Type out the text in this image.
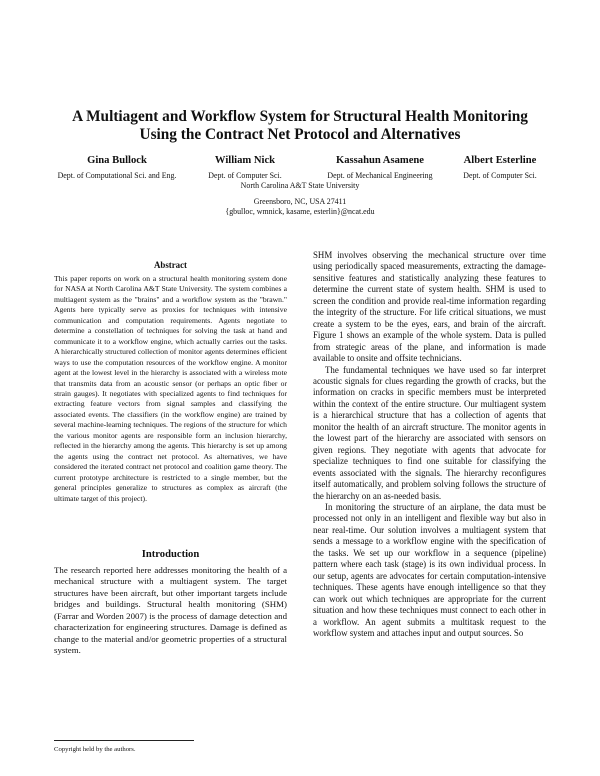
A Multiagent and Workflow System for Structural Health Monitoring
Using the Contract Net Protocol and Alternatives
Gina Bullock
Dept. of Computational Sci. and Eng.
William Nick
Dept. of Computer Sci.
Kassahun Asamene
Dept. of Mechanical Engineering
Albert Esterline
Dept. of Computer Sci.
North Carolina A&T State University
Greensboro, NC, USA 27411
{gbulloc, wmnick, kasame, esterlin}@ncat.edu
Abstract

This paper reports on work on a structural health monitoring system done for NASA at North Carolina A&T State University. The system combines a multiagent system as the "brains" and a workflow system as the "brawn." Agents here typically serve as proxies for techniques with intensive communication and computation requirements. Agents negotiate to determine a constellation of techniques for solving the task at hand and communicate it to a workflow engine, which actually carries out the tasks. A hierarchically structured collection of monitor agents determines efficient ways to use the computation resources of the workflow engine. A monitor agent at the lowest level in the hierarchy is associated with a wireless mote that transmits data from an acoustic sensor (or perhaps an optic fiber or strain gauges). It negotiates with specialized agents to find techniques for extracting feature vectors from signal samples and classifying the associated events. The classifiers (in the workflow engine) are trained by several machine-learning techniques. The regions of the structure for which the various monitor agents are responsible form an inclusion hierarchy, reflected in the hierarchy among the agents. This hierarchy is set up among the agents using the contract net protocol. As alternatives, we have considered the iterated contract net protocol and coalition game theory. The current prototype architecture is restricted to a single member, but the general principles generalize to structures as complex as aircraft (the ultimate target of this project).

Introduction

The research reported here addresses monitoring the health of a mechanical structure with a multiagent system. The target structures have been aircraft, but other important targets include bridges and buildings. Structural health monitoring (SHM) (Farrar and Worden 2007) is the process of damage detection and characterization for engineering structures. Damage is defined as change to the material and/or geometric properties of a structural system.

SHM involves observing the mechanical structure over time using periodically spaced measurements, extracting the damage-sensitive features and statistically analyzing these features to determine the current state of system health. SHM is used to screen the condition and provide real-time information regarding the integrity of the structure. For life critical situations, we must create a system to be the eyes, ears, and brain of the aircraft. Figure 1 shows an example of the whole system. Data is pulled from strategic areas of the plane, and information is made available to onsite and offsite technicians.

The fundamental techniques we have used so far interpret acoustic signals for clues regarding the growth of cracks, but the information on cracks in specific members must be interpreted within the context of the entire structure. Our multiagent system is a hierarchical structure that has a collection of agents that monitor the health of an aircraft structure. The monitor agents in the lowest part of the hierarchy are associated with sensors on given regions. They negotiate with agents that advocate for specialize techniques to find one suitable for classifying the events associated with the signals. The hierarchy reconfigures itself automatically, and problem solving follows the structure of the hierarchy on an as-needed basis.

In monitoring the structure of an airplane, the data must be processed not only in an intelligent and flexible way but also in near real-time. Our solution involves a multiagent system that sends a message to a workflow engine with the specification of the tasks. We set up our workflow in a sequence (pipeline) pattern where each task (stage) is its own individual process. In our setup, agents are advocates for certain computation-intensive techniques. These agents have enough intelligence so that they can work out which techniques are appropriate for the current situation and how these techniques must connect to each other in a workflow. An agent submits a multitask request to the workflow system and attaches input and output sources. So

Copyright held by the authors.
